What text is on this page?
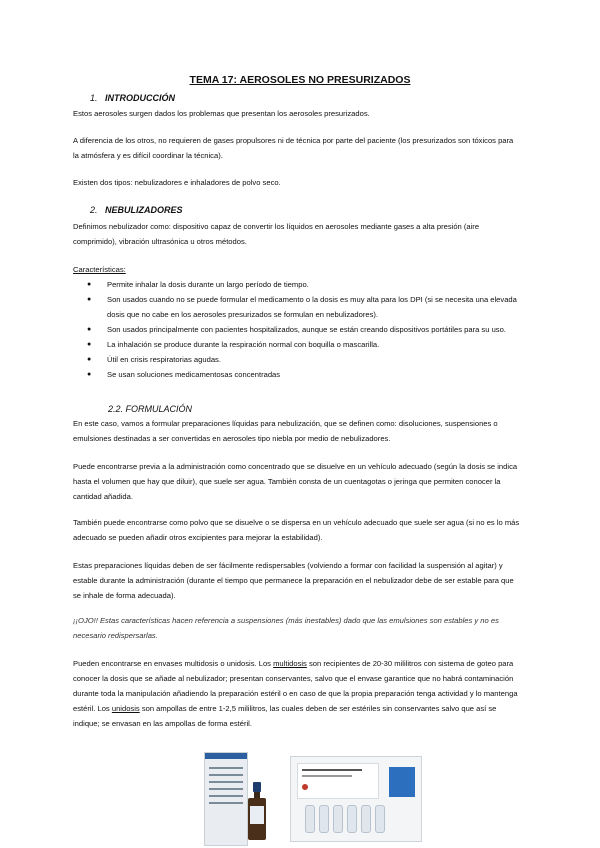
TEMA 17: AEROSOLES NO PRESURIZADOS
1. INTRODUCCIÓN
Estos aerosoles surgen dados los problemas que presentan los aerosoles presurizados.
A diferencia de los otros, no requieren de gases propulsores ni de técnica por parte del paciente (los presurizados son tóxicos para la atmósfera y es difícil coordinar la técnica).
Existen dos tipos: nebulizadores e inhaladores de polvo seco.
2. NEBULIZADORES
Definimos nebulizador como: dispositivo capaz de convertir los líquidos en aerosoles mediante gases a alta presión (aire comprimido), vibración ultrasónica u otros métodos.
Características:
● Permite inhalar la dosis durante un largo período de tiempo.
● Son usados cuando no se puede formular el medicamento o la dosis es muy alta para los DPI (si se necesita una elevada dosis que no cabe en los aerosoles presurizados se formulan en nebulizadores).
● Son usados principalmente con pacientes hospitalizados, aunque se están creando dispositivos portátiles para su uso.
● La inhalación se produce durante la respiración normal con boquilla o mascarilla.
● Útil en crisis respiratorias agudas.
● Se usan soluciones medicamentosas concentradas
2.2. FORMULACIÓN
En este caso, vamos a formular preparaciones líquidas para nebulización, que se definen como: disoluciones, suspensiones o emulsiones destinadas a ser convertidas en aerosoles tipo niebla por medio de nebulizadores.
Puede encontrarse previa a la administración como concentrado que se disuelve en un vehículo adecuado (según la dosis se indica hasta el volumen que hay que diluir), que suele ser agua. También consta de un cuentagotas o jeringa que permiten conocer la cantidad añadida.
También puede encontrarse como polvo que se disuelve o se dispersa en un vehículo adecuado que suele ser agua (si no es lo más adecuado se pueden añadir otros excipientes para mejorar la estabilidad).
Estas preparaciones líquidas deben de ser fácilmente redispersables (volviendo a formar con facilidad la suspensión al agitar) y estable durante la administración (durante el tiempo que permanece la preparación en el nebulizador debe de ser estable para que se inhale de forma adecuada).
¡¡OJO!! Estas características hacen referencia a suspensiones (más inestables) dado que las emulsiones son estables y no es necesario redispersarlas.
Pueden encontrarse en envases multidosis o unidosis. Los multidosis son recipientes de 20-30 mililitros con sistema de goteo para conocer la dosis que se añade al nebulizador; presentan conservantes, salvo que el envase garantice que no habrá contaminación durante toda la manipulación añadiendo la preparación estéril o en caso de que la propia preparación tenga actividad y lo mantenga estéril. Los unidosis son ampollas de entre 1-2,5 mililitros, las cuales deben de ser estériles sin conservantes salvo que así se indique; se envasan en las ampollas de forma estéril.
